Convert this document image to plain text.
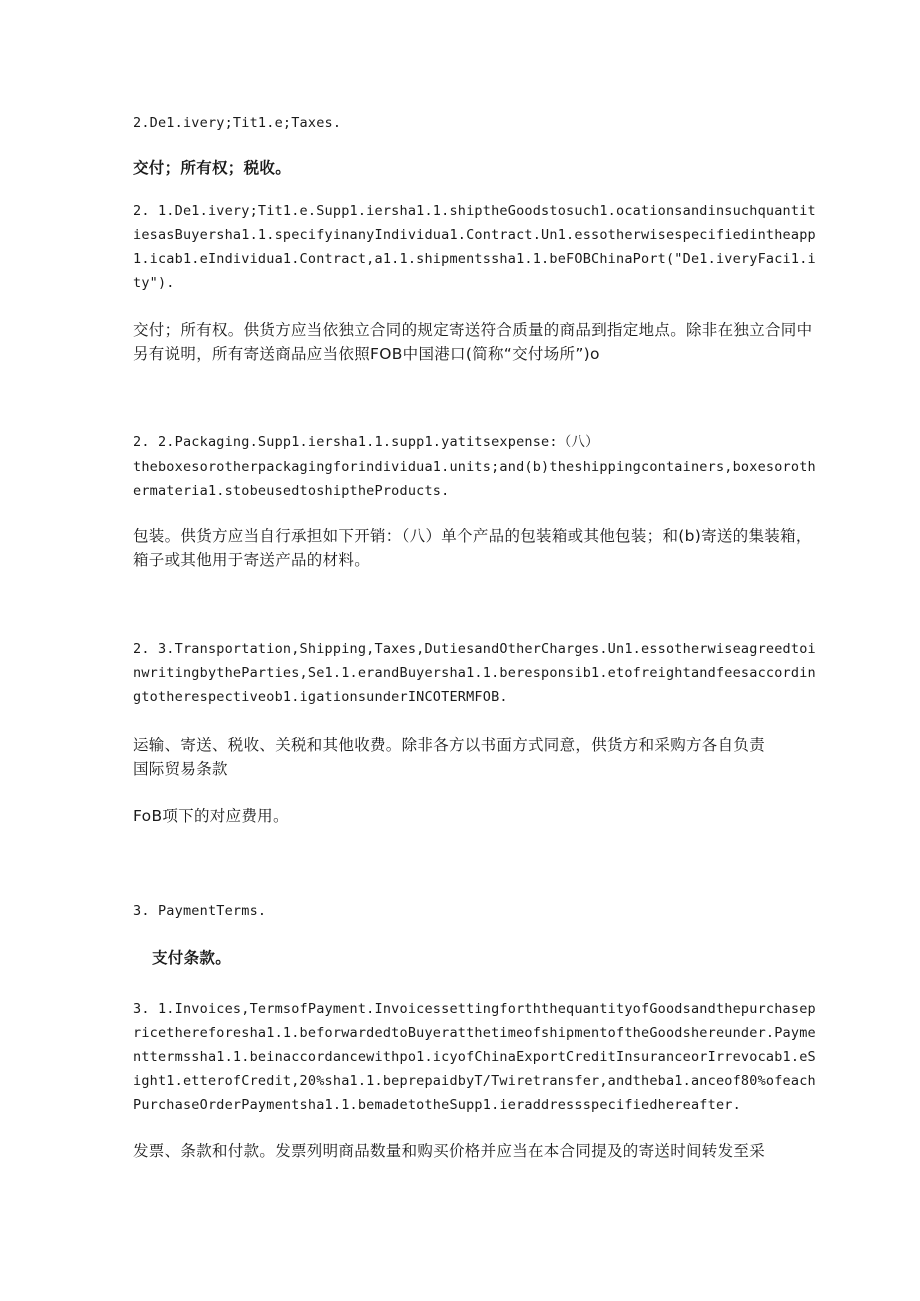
2.De1.ivery;Tit1.e;Taxes.

交付；所有权；税收。

2. 1.De1.ivery;Tit1.e.Supp1.iersha1.1.shiptheGoodstosuch1.ocationsandinsuchquantitiesasBuyersha1.1.specifyinanyIndividua1.Contract.Un1.essotherwisespecifiedintheapp1.icab1.eIndividua1.Contract,a1.1.shipmentssha1.1.beFOBChinaPort("De1.iveryFaci1.ity").

交付；所有权。供货方应当依独立合同的规定寄送符合质量的商品到指定地点。除非在独立合同中另有说明，所有寄送商品应当依照FOB中国港口(简称“交付场所”)o

2. 2.Packaging.Supp1.iersha1.1.supp1.yatitsexpense:（八）

theboxesorotherpackagingforindividua1.units;and(b)theshippingcontainers,boxesorothermateria1.stobeusedtoshiptheProducts.

包装。供货方应当自行承担如下开销：（八）单个产品的包装箱或其他包装；和(b)寄送的集装箱，箱子或其他用于寄送产品的材料。

2. 3.Transportation,Shipping,Taxes,DutiesandOtherCharges.Un1.essotherwiseagreedtoinwritingbytheParties,Se1.1.erandBuyersha1.1.beresponsib1.etofreightandfeesaccordingtotherespectiveob1.igationsunderINCOTERMFOB.

运输、寄送、税收、关税和其他收费。除非各方以书面方式同意，供货方和采购方各自负责

国际贸易条款

FoB项下的对应费用。

3. PaymentTerms.

支付条款。

3. 1.Invoices,TermsofPayment.InvoicessettingforththequantityofGoodsandthepurchasepricethereforesha1.1.beforwardedtoBuyeratthetimeofshipmentoftheGoodshereunder.Paymenttermssha1.1.beinaccordancewithpo1.icyofChinaExportCreditInsuranceorIrrevocab1.eSight1.etterofCredit,20%sha1.1.beprepaidbyT/Twiretransfer,andtheba1.anceof80%ofeachPurchaseOrderPaymentsha1.1.bemadetotheSupp1.ieraddressspecifiedhereafter.

发票、条款和付款。发票列明商品数量和购买价格并应当在本合同提及的寄送时间转发至采
